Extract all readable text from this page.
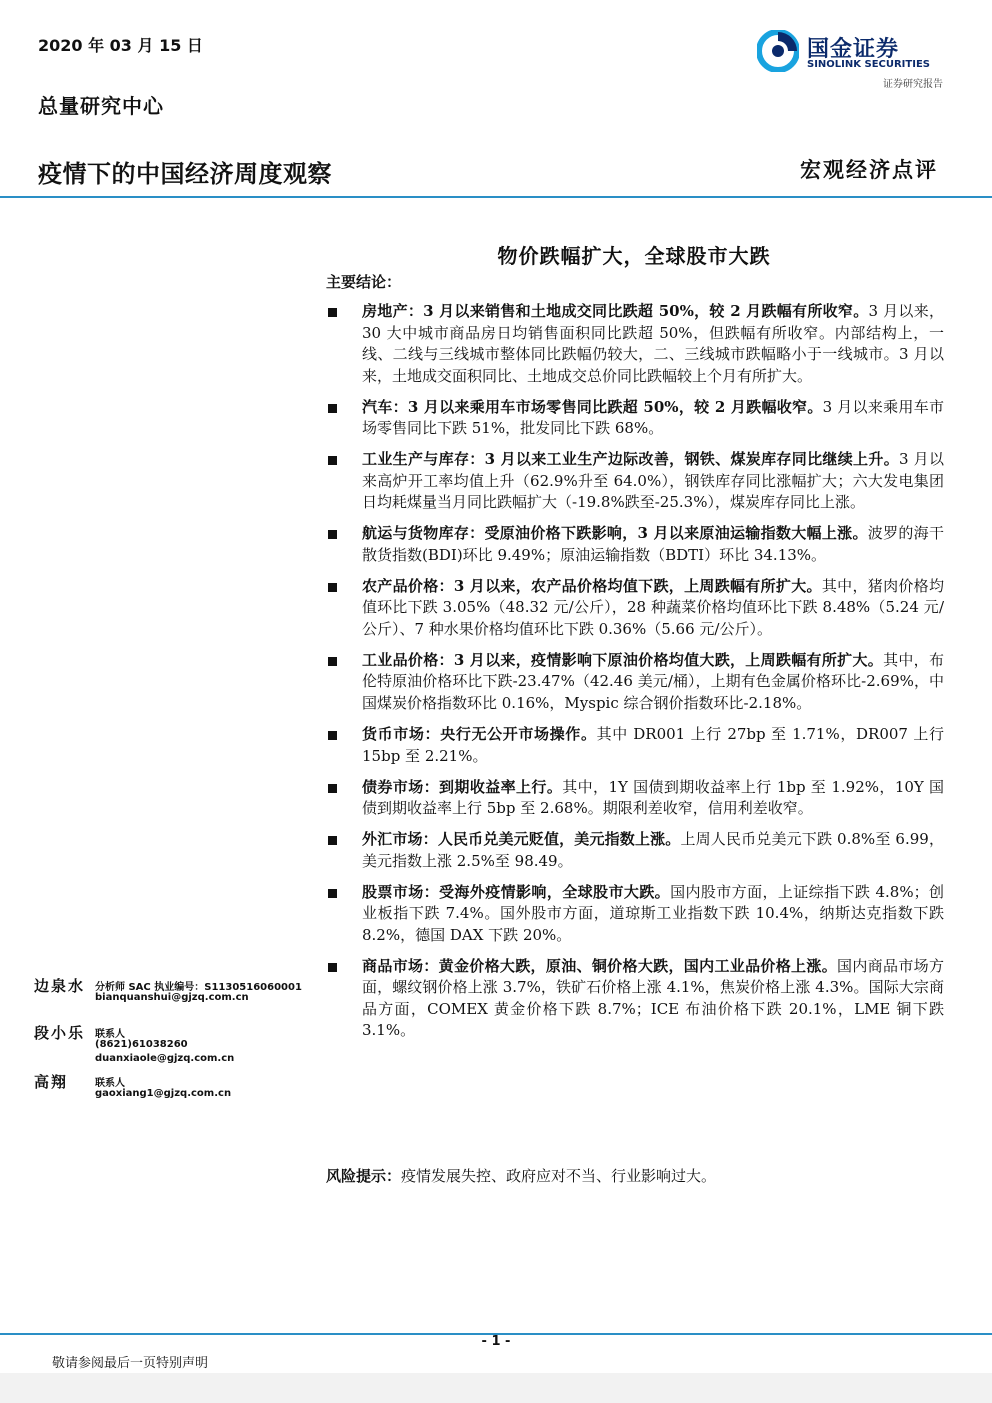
2020 年 03 月 15 日
总量研究中心
国金证券
SINOLINK SECURITIES
证券研究报告
疫情下的中国经济周度观察	宏观经济点评
物价跌幅扩大，全球股市大跌
主要结论：
房地产：3 月以来销售和土地成交同比跌超 50%，较 2 月跌幅有所收窄。3 月以来，30 大中城市商品房日均销售面积同比跌超 50%，但跌幅有所收窄。内部结构上，一线、二线与三线城市整体同比跌幅仍较大，二、三线城市跌幅略小于一线城市。3 月以来，土地成交面积同比、土地成交总价同比跌幅较上个月有所扩大。
汽车：3 月以来乘用车市场零售同比跌超 50%，较 2 月跌幅收窄。3 月以来乘用车市场零售同比下跌 51%，批发同比下跌 68%。
工业生产与库存：3 月以来工业生产边际改善，钢铁、煤炭库存同比继续上升。3 月以来高炉开工率均值上升（62.9%升至 64.0%），钢铁库存同比涨幅扩大；六大发电集团日均耗煤量当月同比跌幅扩大（-19.8%跌至-25.3%），煤炭库存同比上涨。
航运与货物库存：受原油价格下跌影响，3 月以来原油运输指数大幅上涨。波罗的海干散货指数(BDI)环比 9.49%；原油运输指数（BDTI）环比 34.13%。
农产品价格：3 月以来，农产品价格均值下跌，上周跌幅有所扩大。其中，猪肉价格均值环比下跌 3.05%（48.32 元/公斤），28 种蔬菜价格均值环比下跌 8.48%（5.24 元/公斤）、7 种水果价格均值环比下跌 0.36%（5.66 元/公斤）。
工业品价格：3 月以来，疫情影响下原油价格均值大跌，上周跌幅有所扩大。其中，布伦特原油价格环比下跌-23.47%（42.46 美元/桶），上期有色金属价格环比-2.69%，中国煤炭价格指数环比 0.16%，Myspic 综合钢价指数环比-2.18%。
货币市场：央行无公开市场操作。其中 DR001 上行 27bp 至 1.71%，DR007 上行 15bp 至 2.21%。
债券市场：到期收益率上行。其中，1Y 国债到期收益率上行 1bp 至 1.92%，10Y 国债到期收益率上行 5bp 至 2.68%。期限利差收窄，信用利差收窄。
外汇市场：人民币兑美元贬值，美元指数上涨。上周人民币兑美元下跌 0.8%至 6.99，美元指数上涨 2.5%至 98.49。
股票市场：受海外疫情影响，全球股市大跌。国内股市方面，上证综指下跌 4.8%；创业板指下跌 7.4%。国外股市方面，道琼斯工业指数下跌 10.4%，纳斯达克指数下跌 8.2%，德国 DAX 下跌 20%。
商品市场：黄金价格大跌，原油、铜价格大跌，国内工业品价格上涨。国内商品市场方面，螺纹钢价格上涨 3.7%，铁矿石价格上涨 4.1%，焦炭价格上涨 4.3%。国际大宗商品方面，COMEX 黄金价格下跌 8.7%；ICE 布油价格下跌 20.1%，LME 铜下跌 3.1%。
风险提示：疫情发展失控、政府应对不当、行业影响过大。
边泉水 分析师 SAC 执业编号：S1130516060001
bianquanshui@gjzq.com.cn
段小乐 联系人
(8621)61038260
duanxiaole@gjzq.com.cn
高翔	联系人
gaoxiang1@gjzq.com.cn
- 1 -
敬请参阅最后一页特别声明
